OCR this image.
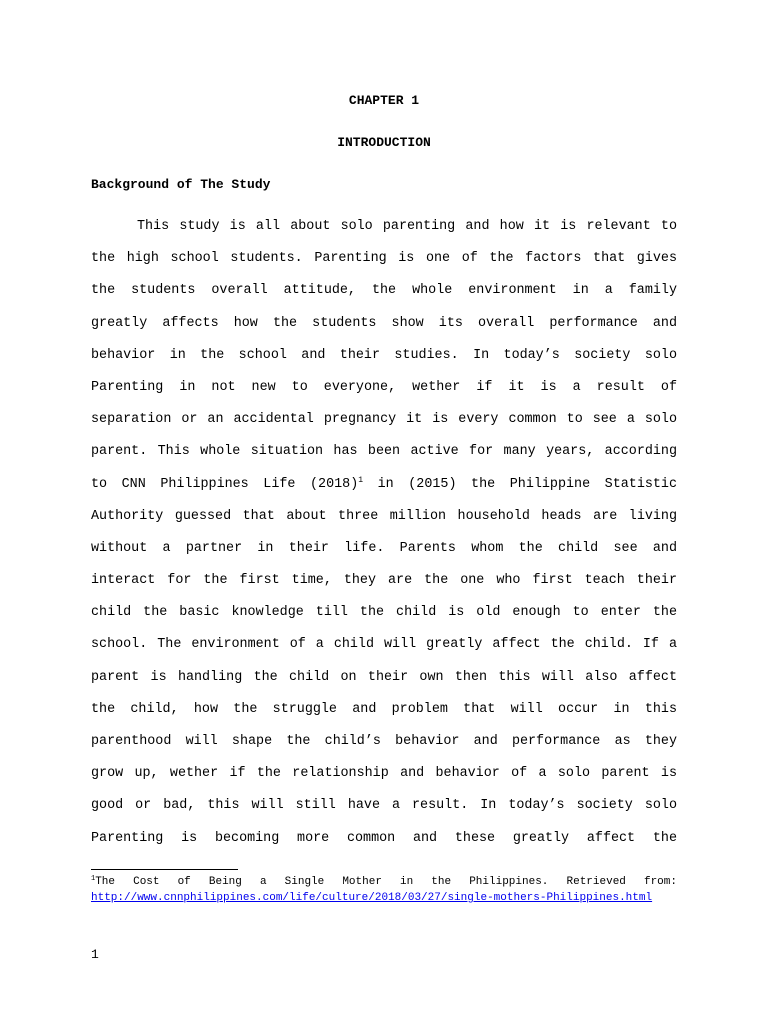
CHAPTER 1
INTRODUCTION
Background of The Study
This study is all about solo parenting and how it is relevant to
the high school students. Parenting is one of the factors that gives
the students overall attitude, the whole environment in a family
greatly affects how the students show its overall performance and
behavior in the school and their studies. In today’s society solo
Parenting in not new to everyone, wether if it is a result of
separation or an accidental pregnancy it is every common to see a solo
parent. This whole situation has been active for many years, according
to CNN Philippines Life $(2018)^1$ in (2015) the Philippine Statistic
Authority guessed that about three million household heads are living
without a partner in their life. Parents whom the child see and
interact for the first time, they are the one who first teach their
child the basic knowledge till the child is old enough to enter the
school. The environment of a child will greatly affect the child. If a
parent is handling the child on their own then this will also affect
the child, how the struggle and problem that will occur in this
parenthood will shape the child’s behavior and performance as they
grow up, wether if the relationship and behavior of a solo parent is
good or bad, this will still have a result. In today’s society solo
Parenting is becoming more common and these greatly affect the
$^1$The Cost of Being a Single Mother in the Philippines. Retrieved from:
http://www.cnnphilippines.com/life/culture/2018/03/27/single-mothers-Philippines.html
1
